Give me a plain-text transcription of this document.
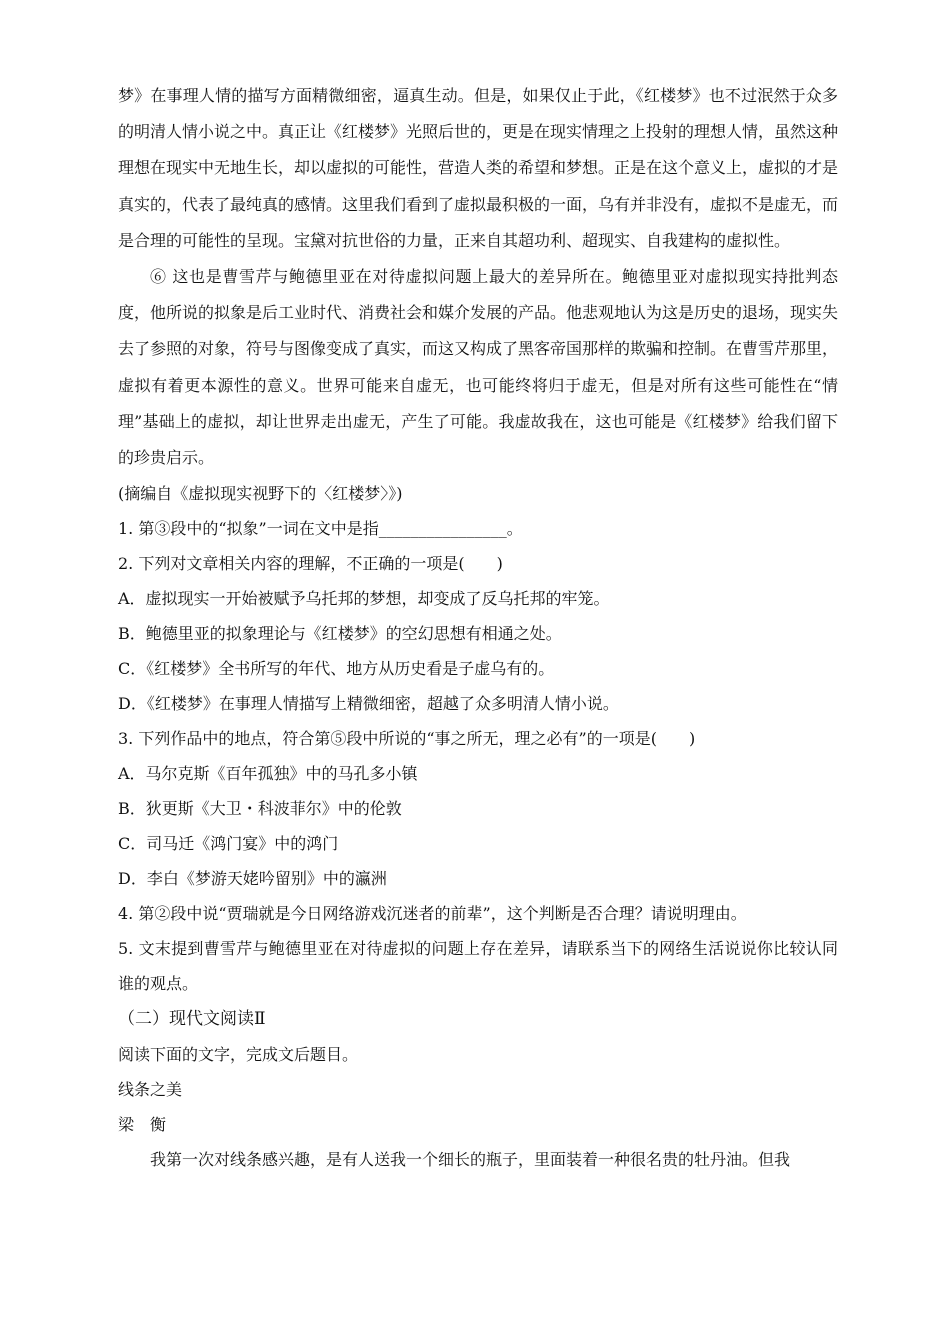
梦》在事理人情的描写方面精微细密，逼真生动。但是，如果仅止于此，《红楼梦》也不过泯然于众多的明清人情小说之中。真正让《红楼梦》光照后世的，更是在现实情理之上投射的理想人情，虽然这种理想在现实中无地生长，却以虚拟的可能性，营造人类的希望和梦想。正是在这个意义上，虚拟的才是真实的，代表了最纯真的感情。这里我们看到了虚拟最积极的一面，乌有并非没有，虚拟不是虚无，而是合理的可能性的呈现。宝黛对抗世俗的力量，正来自其超功利、超现实、自我建构的虚拟性。

⑥ 这也是曹雪芹与鲍德里亚在对待虚拟问题上最大的差异所在。鲍德里亚对虚拟现实持批判态度，他所说的拟象是后工业时代、消费社会和媒介发展的产品。他悲观地认为这是历史的退场，现实失去了参照的对象，符号与图像变成了真实，而这又构成了黑客帝国那样的欺骗和控制。在曹雪芹那里，虚拟有着更本源性的意义。世界可能来自虚无，也可能终将归于虚无，但是对所有这些可能性在“情理”基础上的虚拟，却让世界走出虚无，产生了可能。我虚故我在，这也可能是《红楼梦》给我们留下的珍贵启示。

(摘编自《虚拟现实视野下的〈红楼梦〉》)

1. 第③段中的“拟象”一词在文中是指________________。

2. 下列对文章相关内容的理解，不正确的一项是(　　)

A．虚拟现实一开始被赋予乌托邦的梦想，却变成了反乌托邦的牢笼。

B．鲍德里亚的拟象理论与《红楼梦》的空幻思想有相通之处。

C．《红楼梦》全书所写的年代、地方从历史看是子虚乌有的。

D．《红楼梦》在事理人情描写上精微细密，超越了众多明清人情小说。

3. 下列作品中的地点，符合第⑤段中所说的“事之所无，理之必有”的一项是(　　)

A．马尔克斯《百年孤独》中的马孔多小镇

B．狄更斯《大卫・科波菲尔》中的伦敦

C．司马迁《鸿门宴》中的鸿门

D．李白《梦游天姥吟留别》中的瀛洲

4. 第②段中说“贾瑞就是今日网络游戏沉迷者的前辈”，这个判断是否合理？请说明理由。

5. 文末提到曹雪芹与鲍德里亚在对待虚拟的问题上存在差异，请联系当下的网络生活说说你比较认同谁的观点。

（二）现代文阅读Ⅱ

阅读下面的文字，完成文后题目。

线条之美

梁　衡

我第一次对线条感兴趣，是有人送我一个细长的瓶子，里面装着一种很名贵的牡丹油。但我
